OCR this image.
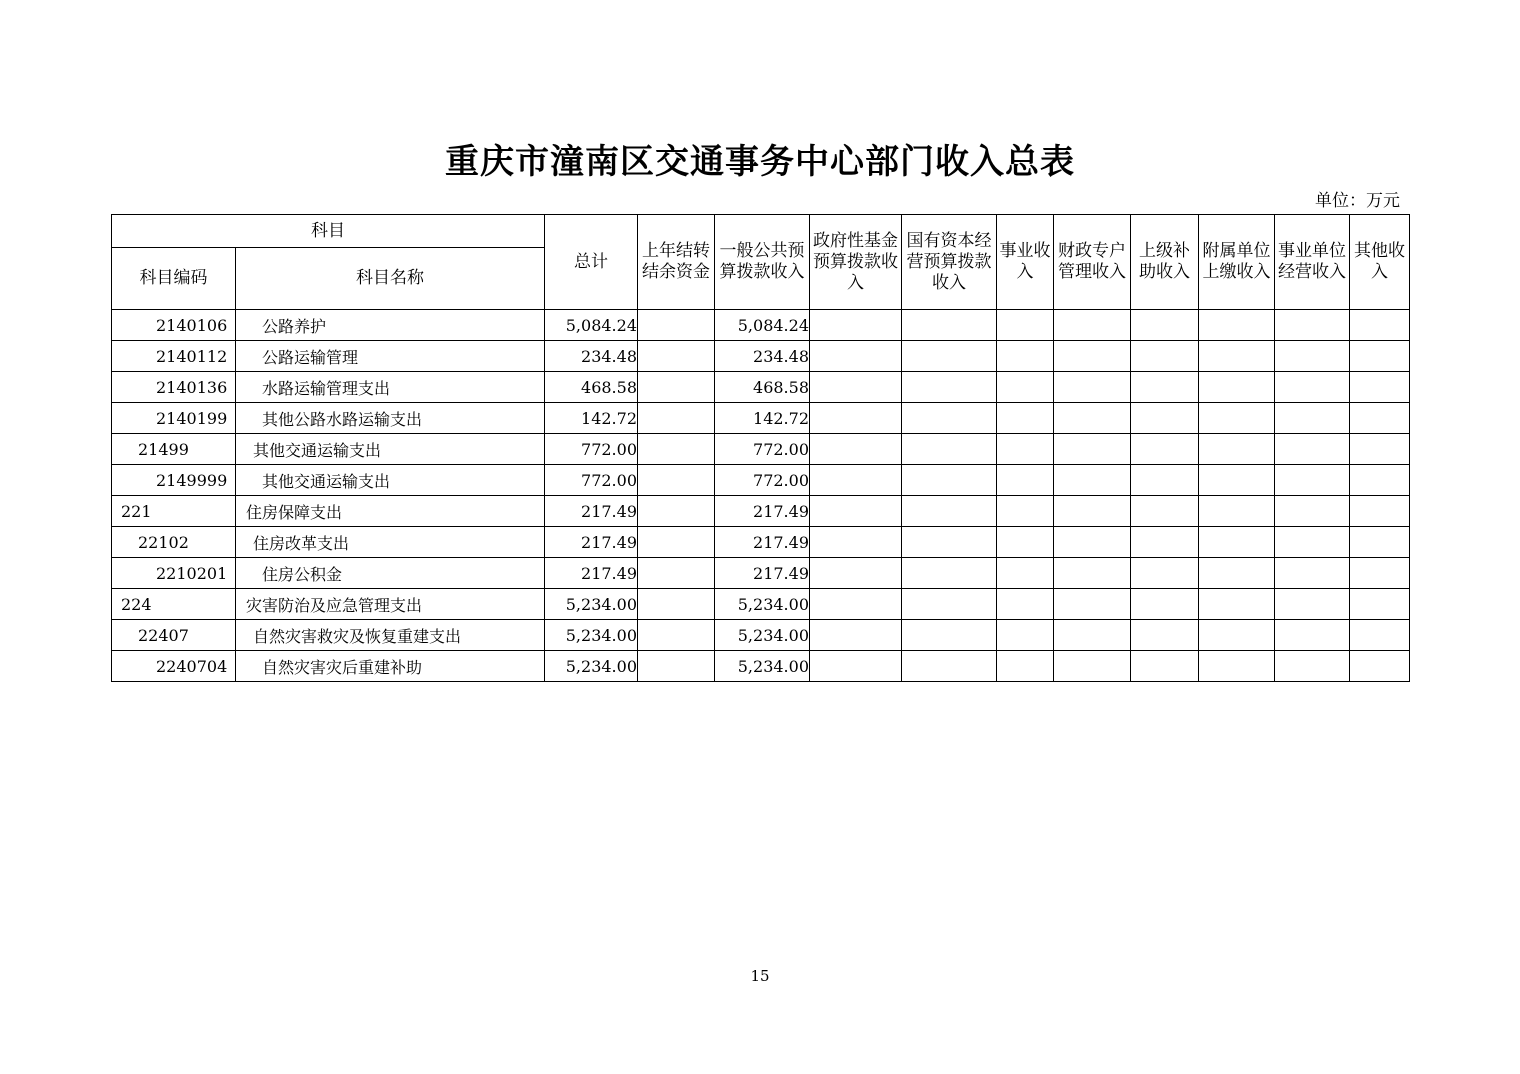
重庆市潼南区交通事务中心部门收入总表
单位：万元
科目		总计	上年结转结余资金	一般公共预算拨款收入	政府性基金预算拨款收入	国有资本经营预算拨款收入	事业收入	财政专户管理收入	上级补助收入	附属单位上缴收入	事业单位经营收入	其他收入
科目编码	科目名称											
2140106	公路养护	5,084.24		5,084.24								
2140112	公路运输管理	234.48		234.48								
2140136	水路运输管理支出	468.58		468.58								
2140199	其他公路水路运输支出	142.72		142.72								
21499	其他交通运输支出	772.00		772.00								
2149999	其他交通运输支出	772.00		772.00								
221	住房保障支出	217.49		217.49								
22102	住房改革支出	217.49		217.49								
2210201	住房公积金	217.49		217.49								
224	灾害防治及应急管理支出	5,234.00		5,234.00								
22407	自然灾害救灾及恢复重建支出	5,234.00		5,234.00								
2240704	自然灾害灾后重建补助	5,234.00		5,234.00								
15
